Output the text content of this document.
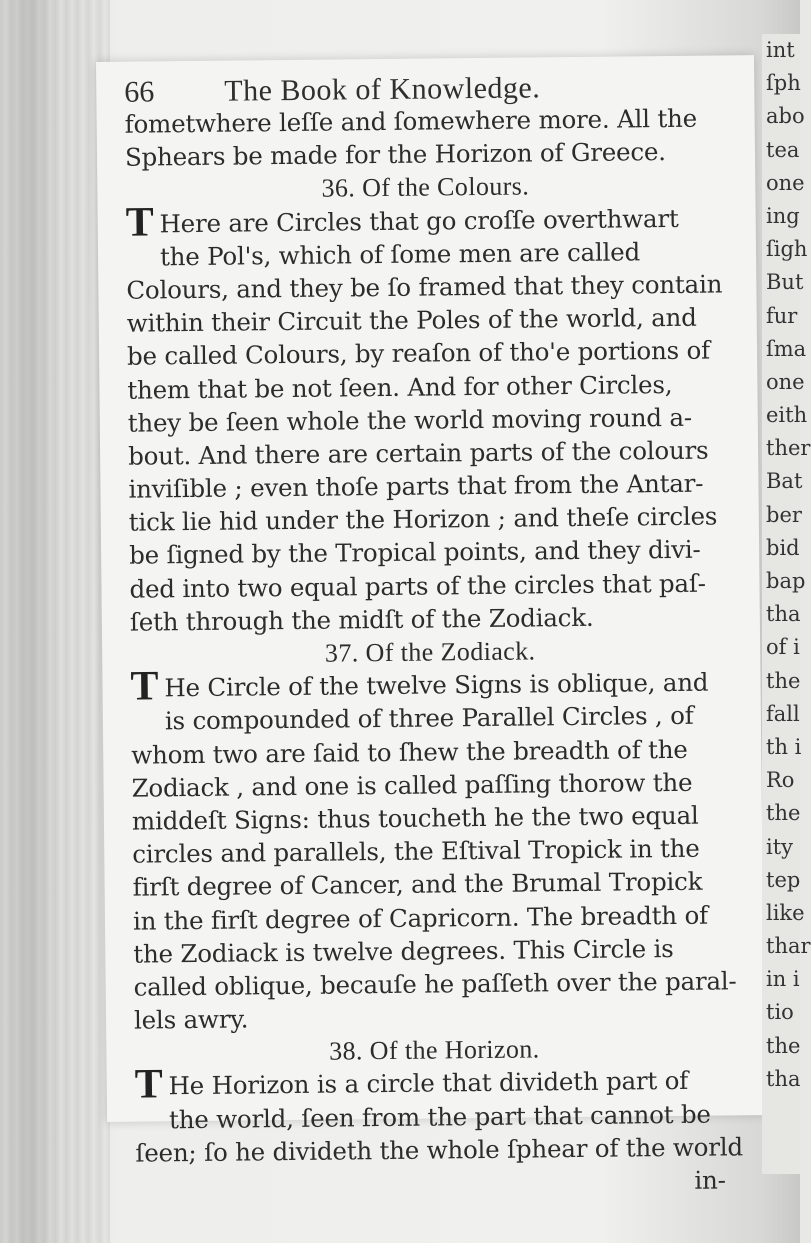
66	The Book of Knowledge.
fometwhere leſſe and ſomewhere more. All the
Sphears be made for the Horizon of Greece.
36. Of the Colours.
T Here are Circles that go croſſe overthwart
the Pol's, which of ſome men are called
Colours, and they be ſo framed that they contain
within their Circuit the Poles of the world, and
be called Colours, by reaſon of tho'e portions of
them that be not ſeen. And for other Circles,
they be ſeen whole the world moving round a-
bout. And there are certain parts of the colours
inviſible ; even thoſe parts that from the Antar-
tick lie hid under the Horizon ; and theſe circles
be ſigned by the Tropical points, and they divi-
ded into two equal parts of the circles that paſ-
ſeth through the midſt of the Zodiack.
37. Of the Zodiack.
T He Circle of the twelve Signs is oblique, and
is compounded of three Parallel Circles , of
whom two are ſaid to ſhew the breadth of the
Zodiack , and one is called paſſing thorow the
middeſt Signs: thus toucheth he the two equal
circles and parallels, the Eſtival Tropick in the
firſt degree of Cancer, and the Brumal Tropick
in the firſt degree of Capricorn. The breadth of
the Zodiack is twelve degrees. This Circle is
called oblique, becauſe he paſſeth over the paral-
lels awry.
38. Of the Horizon.
T He Horizon is a circle that divideth part of
the world, ſeen from the part that cannot be
ſeen; ſo he divideth the whole ſphear of the world
in-
int
ſph
abo
tea
one
ing
ſigh
But
fur
ſma
one
eith
ther
Bat
ber
bid
bap
tha
of i
the
fall
th i
Ro
the
ity
tep
like
thar
in i
tio
the
tha
